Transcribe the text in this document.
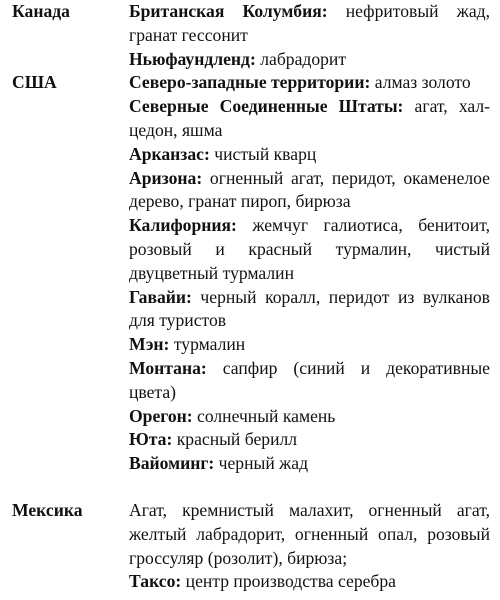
Канада	Британская Колумбия: нефритовый жад, гранат гессонит

Ньюфаундленд: лабрадорит

США	Северо-западные территории: алмаз золото

Северные Соединенные Штаты: агат, халцедон, яшма

Арканзас: чистый кварц

Аризона: огненный агат, перидот, окаменелое дерево, гранат пироп, бирюза

Калифорния: жемчуг галиотиса, бенитоит, розовый и красный турмалин, чистый двуцветный турмалин

Гавайи: черный коралл, перидот из вулканов для туристов

Мэн: турмалин

Монтана: сапфир (синий и декоративные цвета)

Орегон: солнечный камень

Юта: красный берилл

Вайоминг: черный жад

Мексика	Агат, кремнистый малахит, огненный агат, желтый лабрадорит, огненный опал, розовый гроссуляр (розолит), бирюза;

Таксо: центр производства серебра
